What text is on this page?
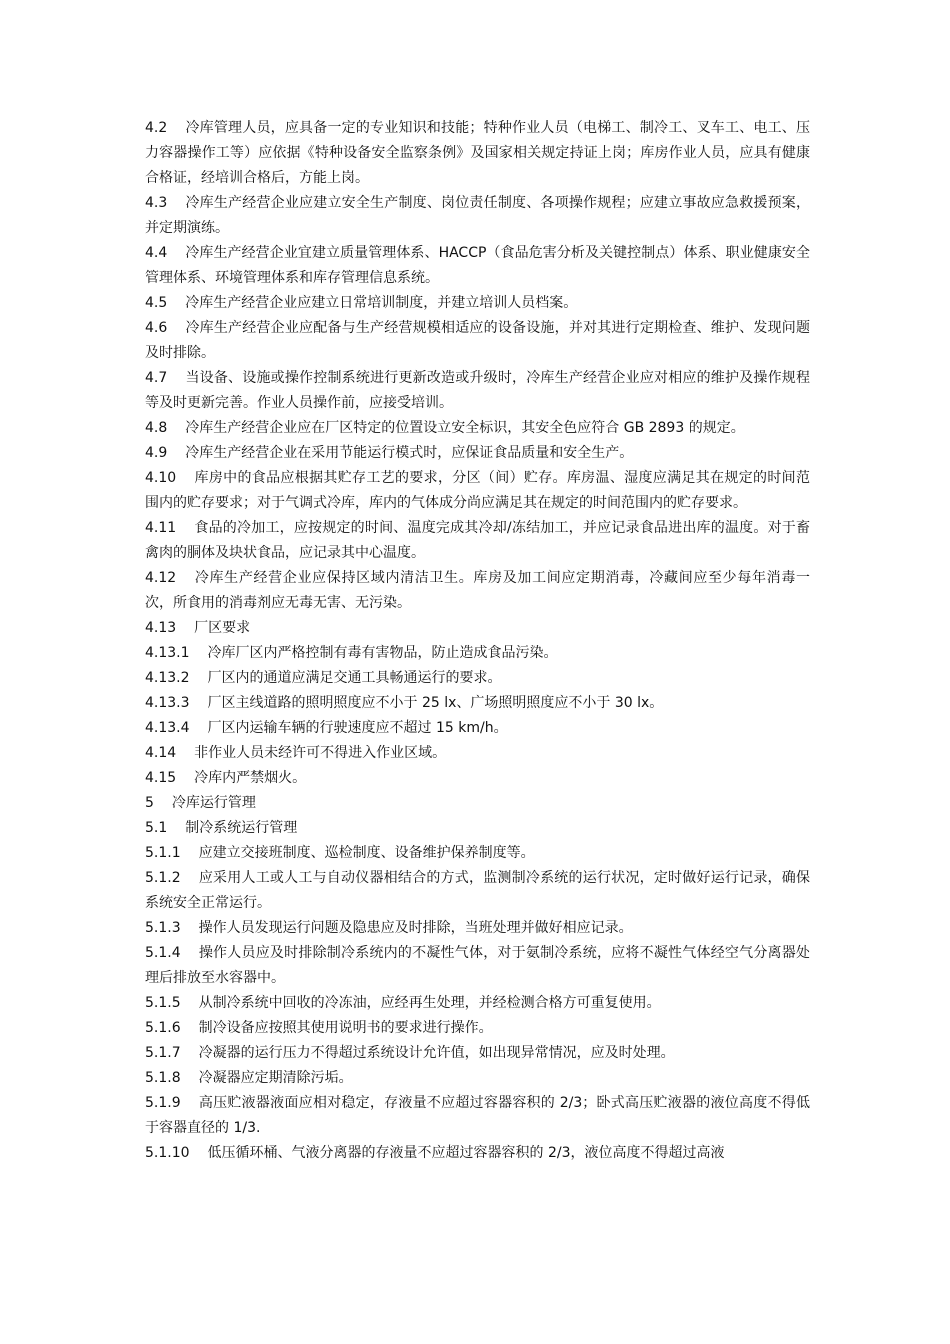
4.2 冷库管理人员，应具备一定的专业知识和技能；特种作业人员（电梯工、制冷工、叉车工、电工、压力容器操作工等）应依据《特种设备安全监察条例》及国家相关规定持证上岗；库房作业人员，应具有健康合格证，经培训合格后，方能上岗。
4.3 冷库生产经营企业应建立安全生产制度、岗位责任制度、各项操作规程；应建立事故应急救援预案，并定期演练。
4.4 冷库生产经营企业宜建立质量管理体系、HACCP（食品危害分析及关键控制点）体系、职业健康安全管理体系、环境管理体系和库存管理信息系统。
4.5 冷库生产经营企业应建立日常培训制度，并建立培训人员档案。
4.6 冷库生产经营企业应配备与生产经营规模相适应的设备设施，并对其进行定期检查、维护、发现问题及时排除。
4.7 当设备、设施或操作控制系统进行更新改造或升级时，冷库生产经营企业应对相应的维护及操作规程等及时更新完善。作业人员操作前，应接受培训。
4.8 冷库生产经营企业应在厂区特定的位置设立安全标识，其安全色应符合 GB 2893 的规定。
4.9 冷库生产经营企业在采用节能运行模式时，应保证食品质量和安全生产。
4.10 库房中的食品应根据其贮存工艺的要求，分区（间）贮存。库房温、湿度应满足其在规定的时间范围内的贮存要求；对于气调式冷库，库内的气体成分尚应满足其在规定的时间范围内的贮存要求。
4.11 食品的冷加工，应按规定的时间、温度完成其冷却/冻结加工，并应记录食品进出库的温度。对于畜禽肉的胴体及块状食品，应记录其中心温度。
4.12 冷库生产经营企业应保持区域内清洁卫生。库房及加工间应定期消毒，冷藏间应至少每年消毒一次，所食用的消毒剂应无毒无害、无污染。
4.13 厂区要求
4.13.1 冷库厂区内严格控制有毒有害物品，防止造成食品污染。
4.13.2 厂区内的通道应满足交通工具畅通运行的要求。
4.13.3 厂区主线道路的照明照度应不小于 25 lx、广场照明照度应不小于 30 lx。
4.13.4 厂区内运输车辆的行驶速度应不超过 15 km/h。
4.14 非作业人员未经许可不得进入作业区域。
4.15 冷库内严禁烟火。
5 冷库运行管理
5.1 制冷系统运行管理
5.1.1 应建立交接班制度、巡检制度、设备维护保养制度等。
5.1.2 应采用人工或人工与自动仪器相结合的方式，监测制冷系统的运行状况，定时做好运行记录，确保系统安全正常运行。
5.1.3 操作人员发现运行问题及隐患应及时排除，当班处理并做好相应记录。
5.1.4 操作人员应及时排除制冷系统内的不凝性气体，对于氨制冷系统，应将不凝性气体经空气分离器处理后排放至水容器中。
5.1.5 从制冷系统中回收的冷冻油，应经再生处理，并经检测合格方可重复使用。
5.1.6 制冷设备应按照其使用说明书的要求进行操作。
5.1.7 冷凝器的运行压力不得超过系统设计允许值，如出现异常情况，应及时处理。
5.1.8 冷凝器应定期清除污垢。
5.1.9 高压贮液器液面应相对稳定，存液量不应超过容器容积的 2/3；卧式高压贮液器的液位高度不得低于容器直径的 1/3.
5.1.10 低压循环桶、气液分离器的存液量不应超过容器容积的 2/3，液位高度不得超过高液
